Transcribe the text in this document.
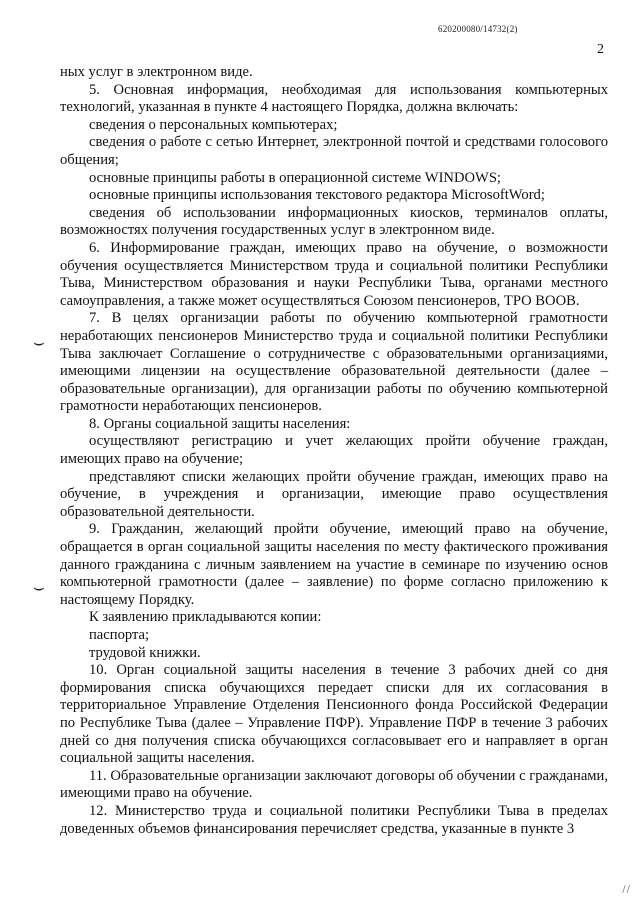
620200080/14732(2)
2

ных услуг в электронном виде.

5. Основная информация, необходимая для использования компьютерных технологий, указанная в пункте 4 настоящего Порядка, должна включать:

сведения о персональных компьютерах;

сведения о работе с сетью Интернет, электронной почтой и средствами голосового общения;

основные принципы работы в операционной системе WINDOWS;

основные принципы использования текстового редактора MicrosoftWord;

сведения об использовании информационных киосков, терминалов оплаты, возможностях получения государственных услуг в электронном виде.

6. Информирование граждан, имеющих право на обучение, о возможности обучения осуществляется Министерством труда и социальной политики Республики Тыва, Министерством образования и науки Республики Тыва, органами местного самоуправления, а также может осуществляться Союзом пенсионеров, ТРО ВООВ.

7. В целях организации работы по обучению компьютерной грамотности неработающих пенсионеров Министерство труда и социальной политики Республики Тыва заключает Соглашение о сотрудничестве с образовательными организациями, имеющими лицензии на осуществление образовательной деятельности (далее – образовательные организации), для организации работы по обучению компьютерной грамотности неработающих пенсионеров.

8. Органы социальной защиты населения:

осуществляют регистрацию и учет желающих пройти обучение граждан, имеющих право на обучение;

представляют списки желающих пройти обучение граждан, имеющих право на обучение, в учреждения и организации, имеющие право осуществления образовательной деятельности.

9. Гражданин, желающий пройти обучение, имеющий право на обучение, обращается в орган социальной защиты населения по месту фактического проживания данного гражданина с личным заявлением на участие в семинаре по изучению основ компьютерной грамотности (далее – заявление) по форме согласно приложению к настоящему Порядку.

К заявлению прикладываются копии:

паспорта;

трудовой книжки.

10. Орган социальной защиты населения в течение 3 рабочих дней со дня формирования списка обучающихся передает списки для их согласования в территориальное Управление Отделения Пенсионного фонда Российской Федерации по Республике Тыва (далее – Управление ПФР). Управление ПФР в течение 3 рабочих дней со дня получения списка обучающихся согласовывает его и направляет в орган социальной защиты населения.

11. Образовательные организации заключают договоры об обучении с гражданами, имеющими право на обучение.

12. Министерство труда и социальной политики Республики Тыва в пределах доведенных объемов финансирования перечисляет средства, указанные в пункте 3

⌣
⌣
/ /
